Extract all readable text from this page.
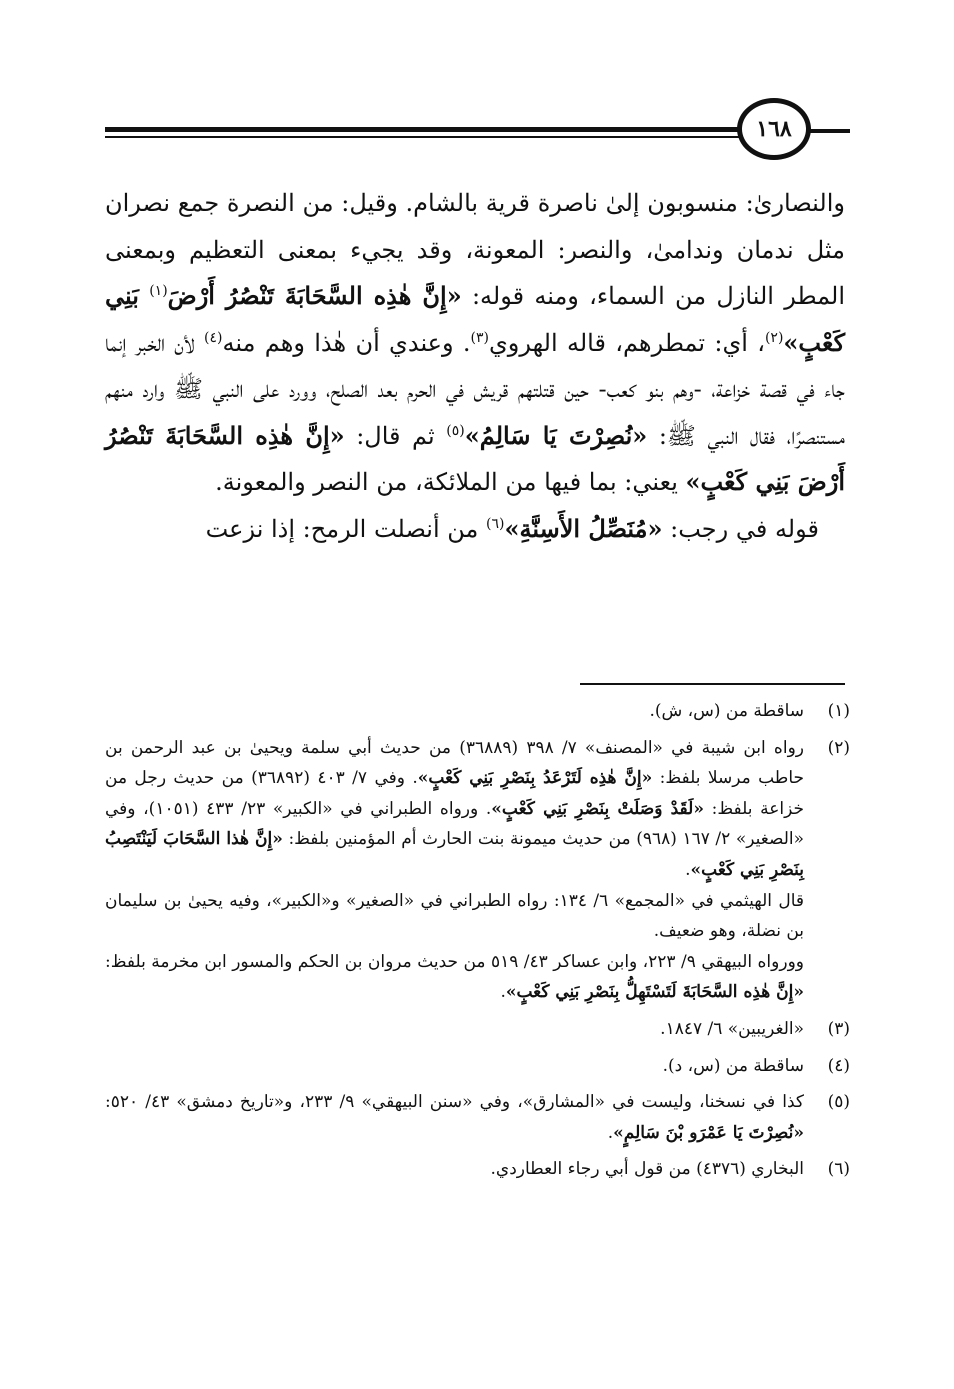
١٦٨

والنصارىٰ: منسوبون إلىٰ ناصرة قرية بالشام. وقيل: من النصرة جمع نصران مثل ندمان وندامىٰ، والنصر: المعونة، وقد يجيء بمعنى التعظيم وبمعنى المطر النازل من السماء، ومنه قوله: «إِنَّ هٰذِه السَّحَابَةَ تَنْصُرُ أَرْضَ$^{(١)}$ بَنِي كَعْبٍ»$^{(٢)}$، أي: تمطرهم، قاله الهروي$^{(٣)}$. وعندي أن هٰذا وهم منه$^{(٤)}$ لأن الخبر إنما جاء في قصة خزاعة، -وهم بنو كعب- حين قتلتهم قريش في الحرم بعد الصلح، وورد على النبي ﷺ وارد منهم مستنصرًا، فقال النبي ﷺ: «نُصِرْتَ يَا سَالِمُ»$^{(٥)}$ ثم قال: «إِنَّ هٰذِه السَّحَابَةَ تَنْصُرُ أَرْضَ بَنِي كَعْبٍ» يعني: بما فيها من الملائكة، من النصر والمعونة.

قوله في رجب: «مُنَصِّلُ الأَسِنَّةِ»$^{(٦)}$ من أنصلت الرمح: إذا نزعت

(١)

ساقطة من (س، ش).

(٢)

رواه ابن شيبة في «المصنف» ٧/ ٣٩٨ (٣٦٨٨٩) من حديث أبي سلمة ويحيىٰ بن عبد الرحمن بن حاطب مرسلا بلفظ: «إِنَّ هٰذِه لَتَرْعَدُ بِنَصْرِ بَنِي كَعْبٍ». وفي ٧/ ٤٠٣ (٣٦٨٩٢) من حديث رجل من خزاعة بلفظ: «لَقَدْ وَصَلَتْ بِنَصْرِ بَنِي كَعْبٍ». ورواه الطبراني في «الكبير» ٢٣/ ٤٣٣ (١٠٥١)، وفي «الصغير» ٢/ ١٦٧ (٩٦٨) من حديث ميمونة بنت الحارث أم المؤمنين بلفظ: «إِنَّ هٰذا السَّحَابَ لَيَنْتَصِبُ بِنَصْرِ بَنِي كَعْبٍ».

قال الهيثمي في «المجمع» ٦/ ١٣٤: رواه الطبراني في «الصغير» و«الكبير»، وفيه يحيىٰ بن سليمان بن نضلة، وهو ضعيف.

وورواه البيهقي ٩/ ٢٢٣، وابن عساكر ٤٣/ ٥١٩ من حديث مروان بن الحكم والمسور ابن مخرمة بلفظ: «إِنَّ هٰذِه السَّحَابَةَ لَتَسْتَهِلُّ بِنَصْرِ بَنِي كَعْبٍ».

(٣)

«الغريبين» ٦/ ١٨٤٧.

(٤)

ساقطة من (س، د).

(٥)

كذا في نسخنا، وليست في «المشارق»، وفي «سنن البيهقي» ٩/ ٢٣٣، و«تاريخ دمشق» ٤٣/ ٥٢٠: «نُصِرْتَ يَا عَمْرَو بْنَ سَالِمٍ».

(٦)

البخاري (٤٣٧٦) من قول أبي رجاء العطاردي.
